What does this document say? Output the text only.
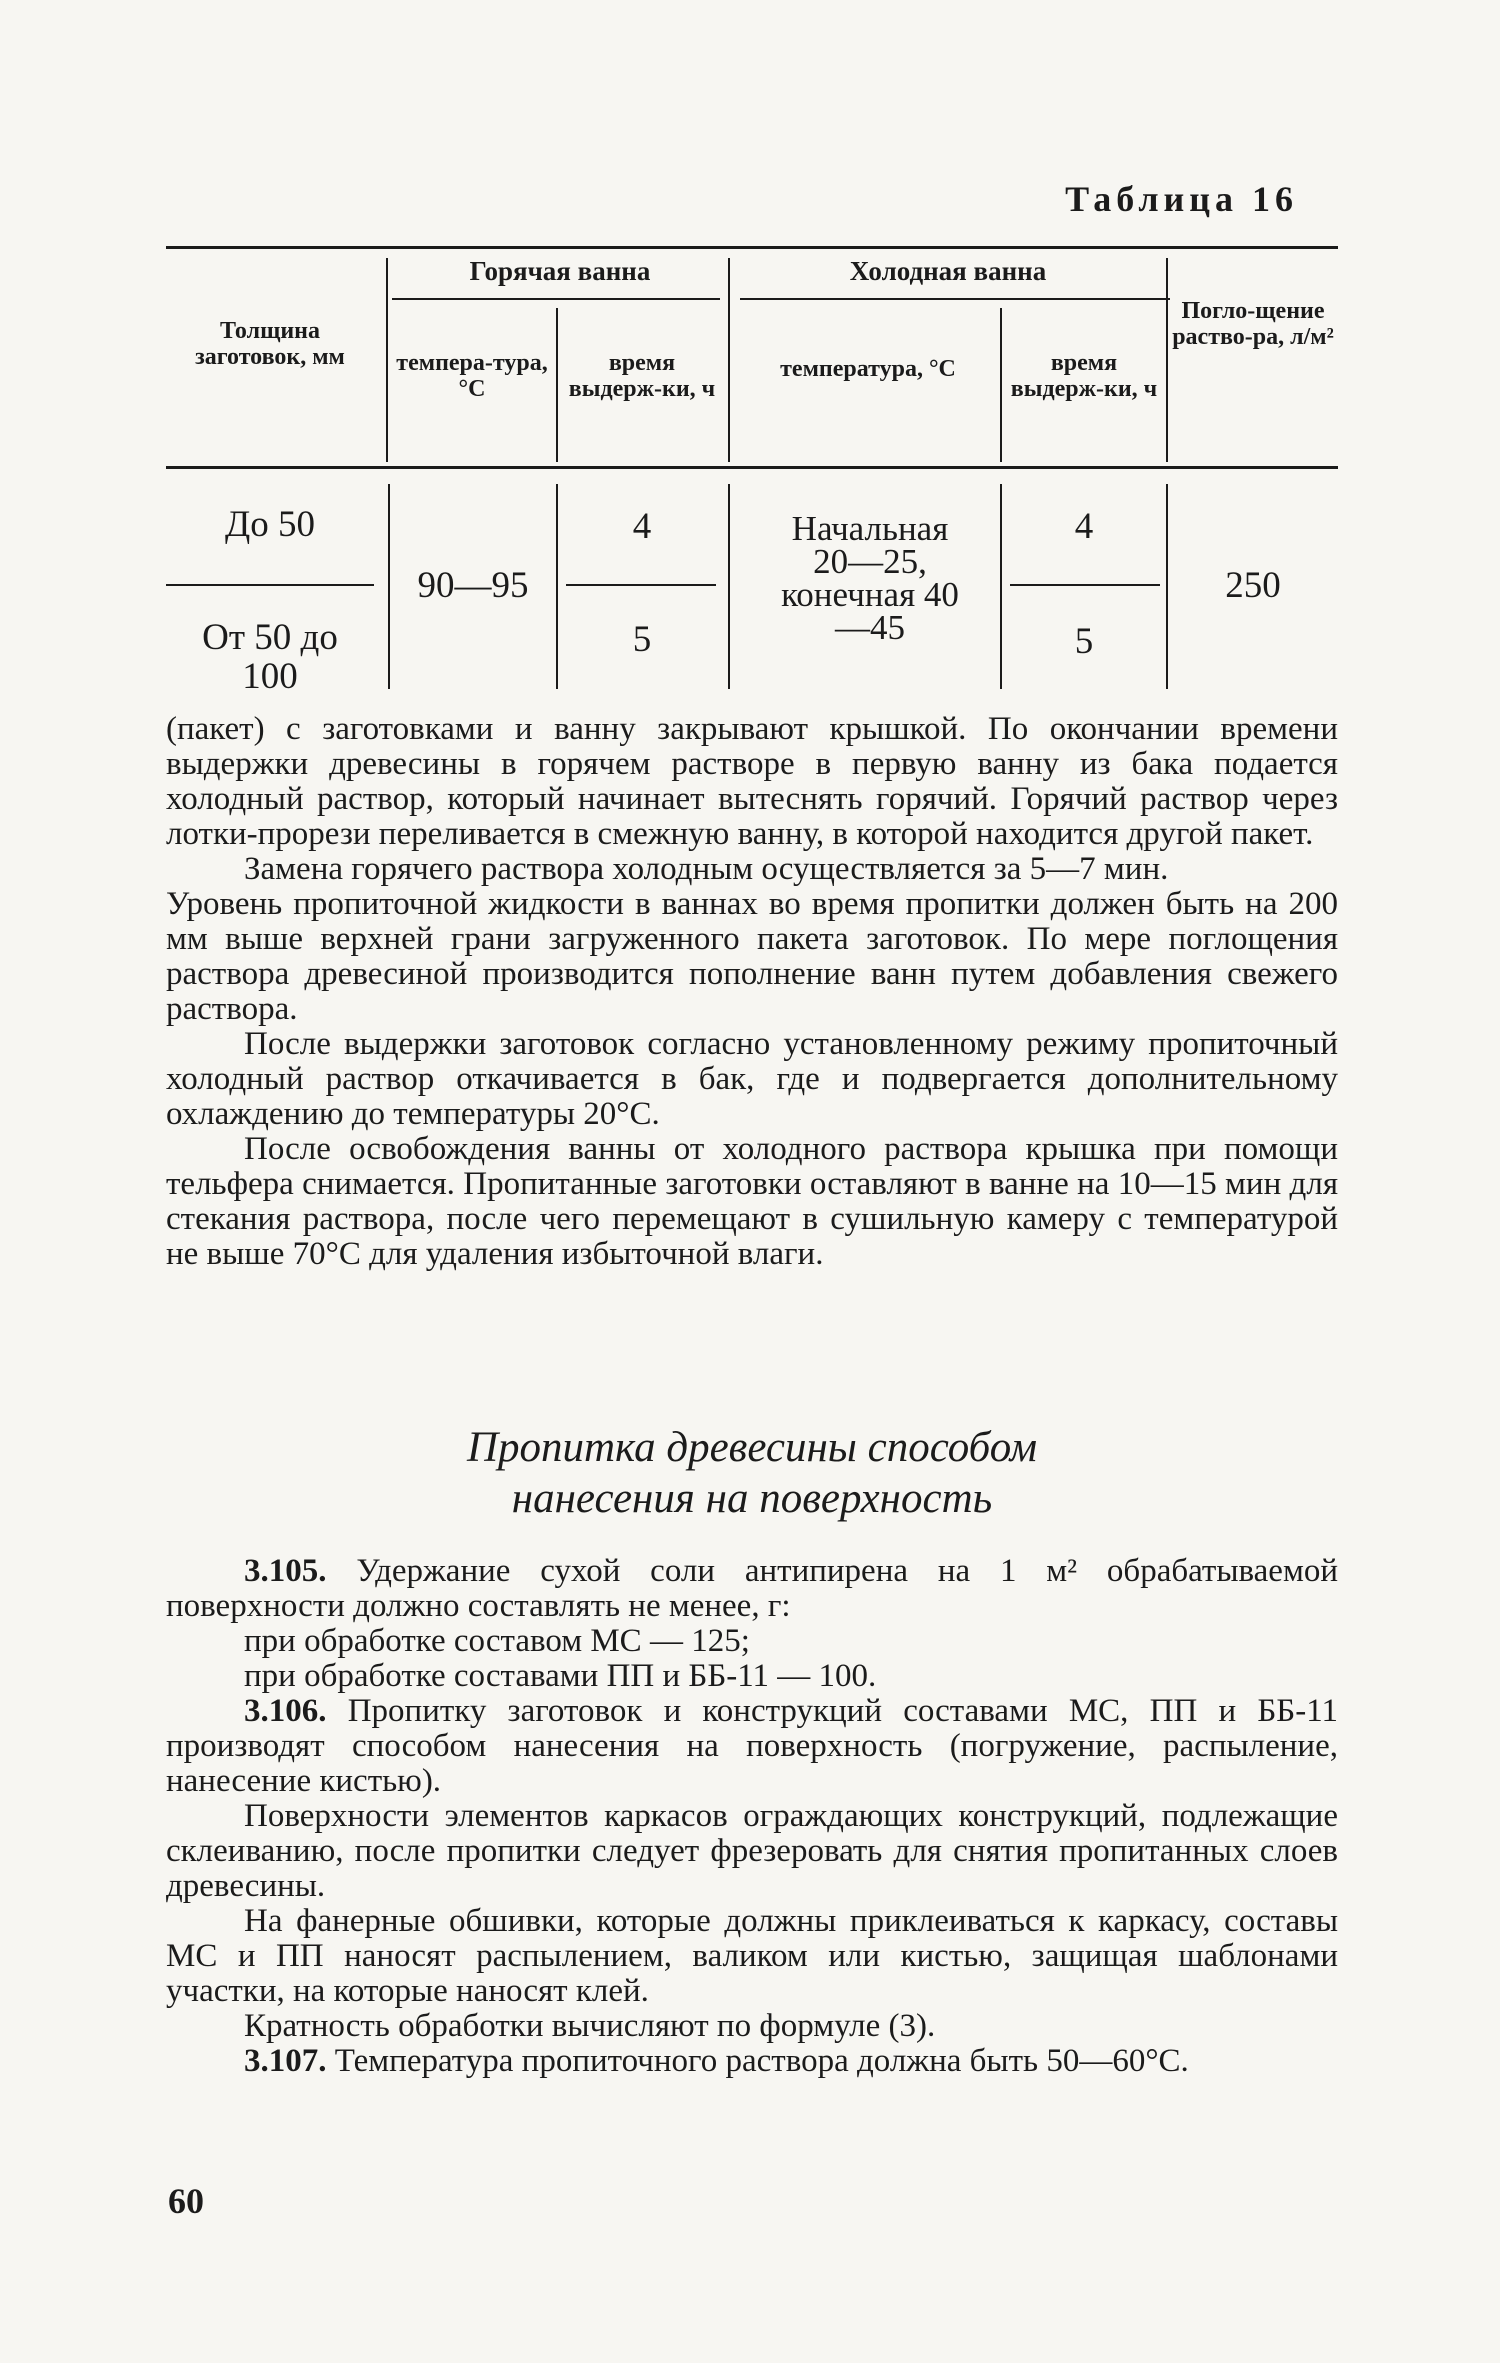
Таблица 16
Толщина заготовок, мм
Горячая ванна
темпера-тура, °С
время выдерж-ки, ч
Холодная ванна
температура, °С	время выдерж-ки, ч
Погло-щение раство-ра, л/м²
До 50
От 50 до 100
90—95
4
5
Начальная 20—25, конечная 40—45
4
5
250

(пакет) с заготовками и ванну закрывают крышкой. По окончании времени выдержки древесины в горячем растворе в первую ванну из бака подается холодный раствор, который начинает вытеснять горячий. Горячий раствор через лотки-прорези переливается в смежную ванну, в которой находится другой пакет.

Замена горячего раствора холодным осуществляется за 5—7 мин.

Уровень пропиточной жидкости в ваннах во время пропитки должен быть на 200 мм выше верхней грани загруженного пакета заготовок. По мере поглощения раствора древесиной производится пополнение ванн путем добавления свежего раствора.

После выдержки заготовок согласно установленному режиму пропиточный холодный раствор откачивается в бак, где и подвергается дополнительному охлаждению до температуры 20°С.

После освобождения ванны от холодного раствора крышка при помощи тельфера снимается. Пропитанные заготовки оставляют в ванне на 10—15 мин для стекания раствора, после чего перемещают в сушильную камеру с температурой не выше 70°С для удаления избыточной влаги.

Пропитка древесины способом
нанесения на поверхность

3.105. Удержание сухой соли антипирена на 1 м² обрабатываемой поверхности должно составлять не менее, г:

при обработке составом МС — 125;

при обработке составами ПП и ББ-11 — 100.

3.106. Пропитку заготовок и конструкций составами МС, ПП и ББ-11 производят способом нанесения на поверхность (погружение, распыление, нанесение кистью).

Поверхности элементов каркасов ограждающих конструкций, подлежащие склеиванию, после пропитки следует фрезеровать для снятия пропитанных слоев древесины.

На фанерные обшивки, которые должны приклеиваться к каркасу, составы МС и ПП наносят распылением, валиком или кистью, защищая шаблонами участки, на которые наносят клей.

Кратность обработки вычисляют по формуле (3).

3.107. Температура пропиточного раствора должна быть 50—60°С.

60
